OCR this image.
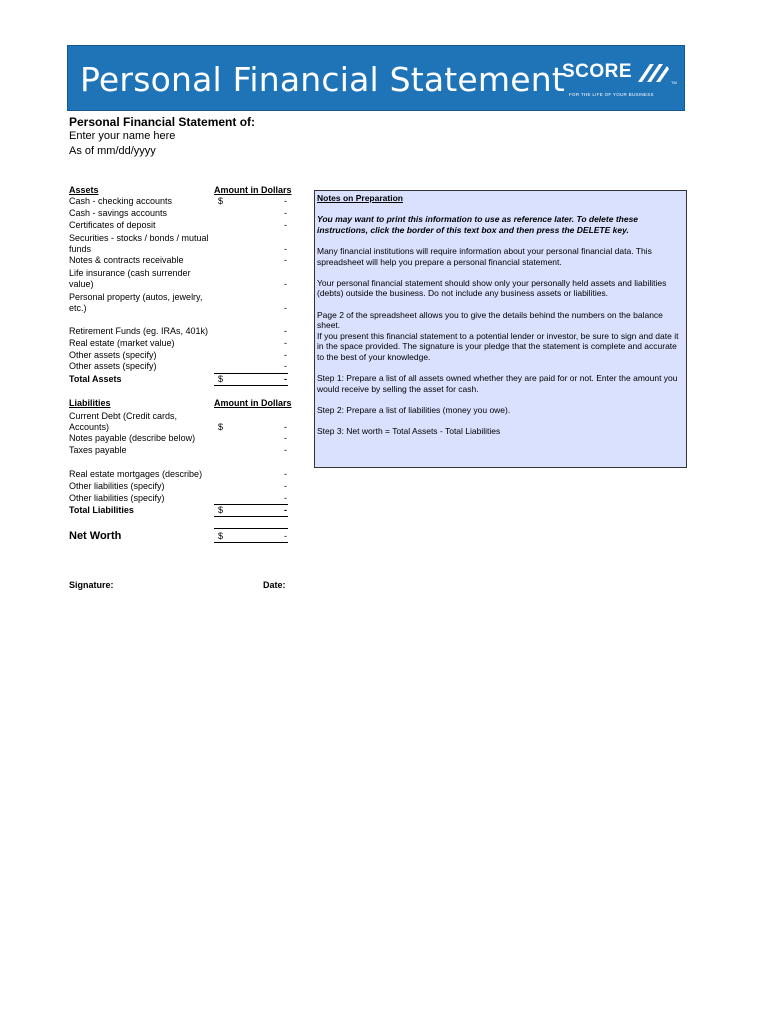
Personal Financial Statement
SCORE
TM
FOR THE LIFE OF YOUR BUSINESS
Personal Financial Statement of:
Enter your name here
As of mm/dd/yyyy
Assets	Amount in Dollars
Cash - checking accounts	$	-
Cash - savings accounts	-
Certificates of deposit	-
Securities - stocks / bonds / mutual funds	-
Notes & contracts receivable	-
Life insurance (cash surrender value)	-
Personal property (autos, jewelry, etc.)	-
Retirement Funds (eg. IRAs, 401k)	-
Real estate (market value)	-
Other assets (specify)	-
Other assets (specify)	-
Total Assets	$	-
Liabilities	Amount in Dollars
Current Debt (Credit cards, Accounts)	$	-
Notes payable (describe below)	-
Taxes payable	-
Real estate mortgages (describe)	-
Other liabilities (specify)	-
Other liabilities (specify)	-
Total Liabilities	$	-
Net Worth	$	-
Signature:	Date:

Notes on Preparation

You may want to print this information to use as reference later. To delete these instructions, click the border of this text box and then press the DELETE key.

Many financial institutions will require information about your personal financial data. This spreadsheet will help you prepare a personal financial statement.

Your personal financial statement should show only your personally held assets and liabilities (debts) outside the business. Do not include any business assets or liabilities.

Page 2 of the spreadsheet allows you to give the details behind the numbers on the balance sheet.

If you present this financial statement to a potential lender or investor, be sure to sign and date it in the space provided. The signature is your pledge that the statement is complete and accurate to the best of your knowledge.

Step 1: Prepare a list of all assets owned whether they are paid for or not. Enter the amount you would receive by selling the asset for cash.

Step 2: Prepare a list of liabilities (money you owe).

Step 3: Net worth = Total Assets - Total Liabilities
